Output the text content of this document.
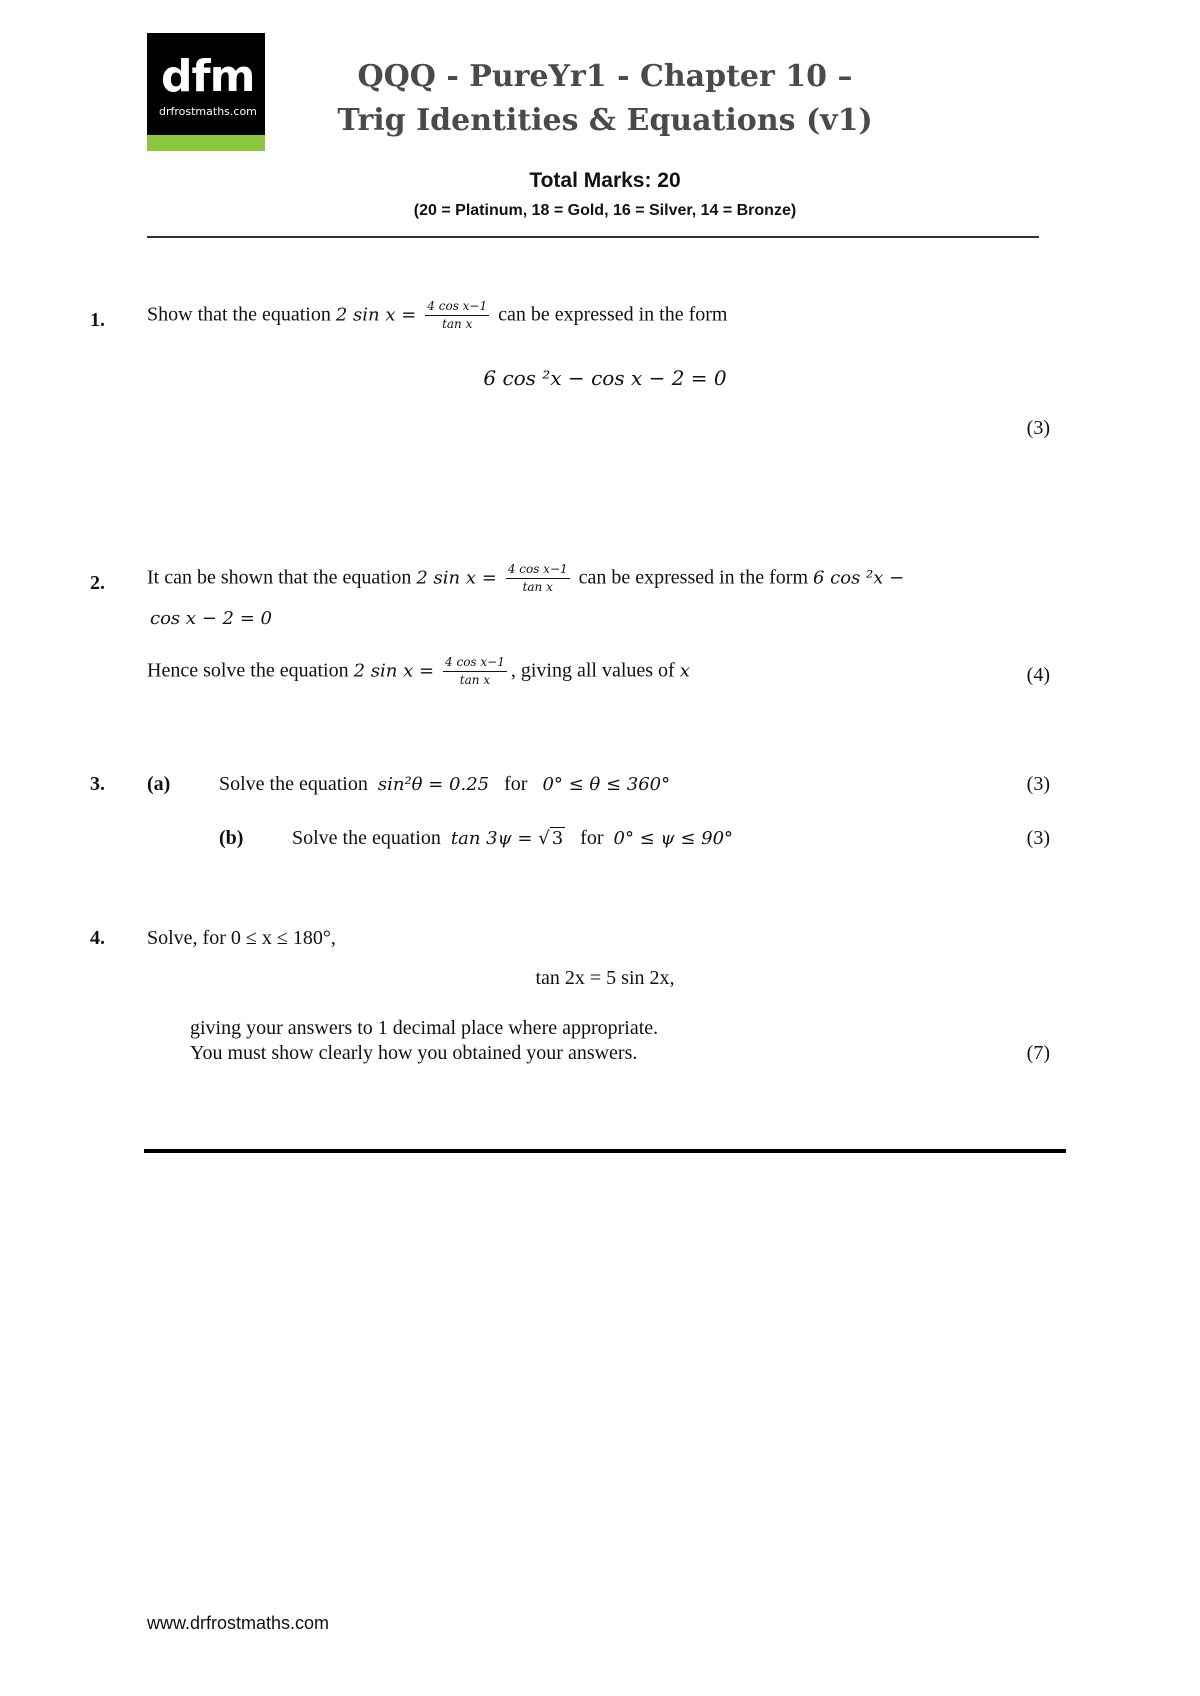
dfm
drfrostmaths.com
QQQ - PureYr1 - Chapter 10 –
Trig Identities & Equations (v1)
Total Marks: 20
(20 = Platinum, 18 = Gold, 16 = Silver, 14 = Bronze)
1. Show that the equation 2 $\sin x = \frac{\text{4 cos x−1}}{\text{tan x}}$ can be expressed in the form
6 cos ²x − cos x − 2 = 0
(3)
2. It can be shown that the equation 2 $\sin x = \frac{\text{4 cos x−1}}{\text{tan x}}$ can be expressed in the form 6 cos ²x −
cos x − 2 = 0
Hence solve the equation 2 $\sin x = \frac{\text{4 cos x−1}}{\text{tan x}}$ , giving all values of x	(4)
3. (a) Solve the equation sin²θ = 0.25 for 0° ≤ θ ≤ 360°	(3)
(b) Solve the equation tan 3ψ = √ 3 for 0° ≤ ψ ≤ 90°	(3)
4. Solve, for 0 ≤ x ≤ 180°,
tan 2x = 5 sin 2x,
giving your answers to 1 decimal place where appropriate.
You must show clearly how you obtained your answers.	(7)
www.drfrostmaths.com
